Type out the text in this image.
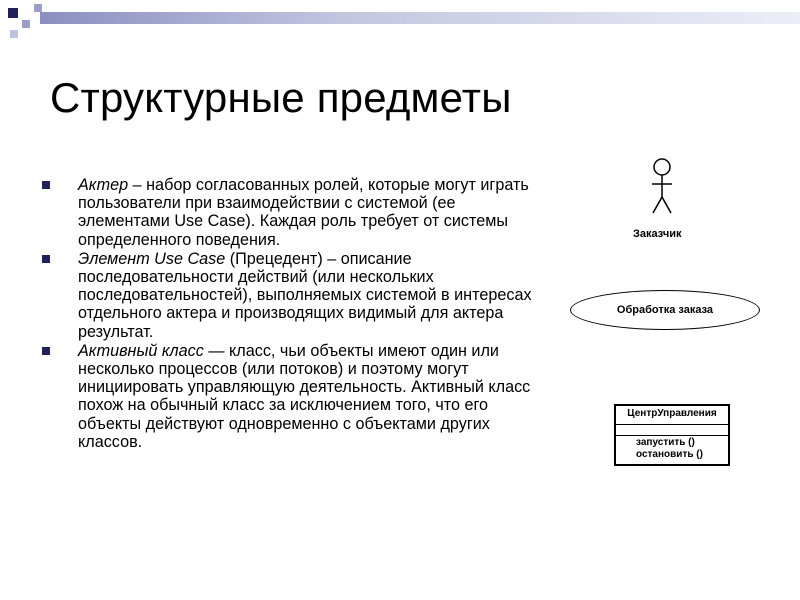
Структурные предметы
Актер – набор согласованных ролей, которые могут играть пользователи при взаимодействии с системой (ее элементами Use Case). Каждая роль требует от системы определенного поведения.
Элемент Use Case (Прецедент) – описание последовательности действий (или нескольких последовательностей), выполняемых системой в интересах отдельного актера и производящих видимый для актера результат.
Активный класс — класс, чьи объекты имеют один или несколько процессов (или потоков) и поэтому могут инициировать управляющую деятельность. Активный класс похож на обычный класс за исключением того, что его объекты действуют одновременно с объектами других классов.
Заказчик
Обработка заказа
ЦентрУправления
запустить ()
остановить ()
